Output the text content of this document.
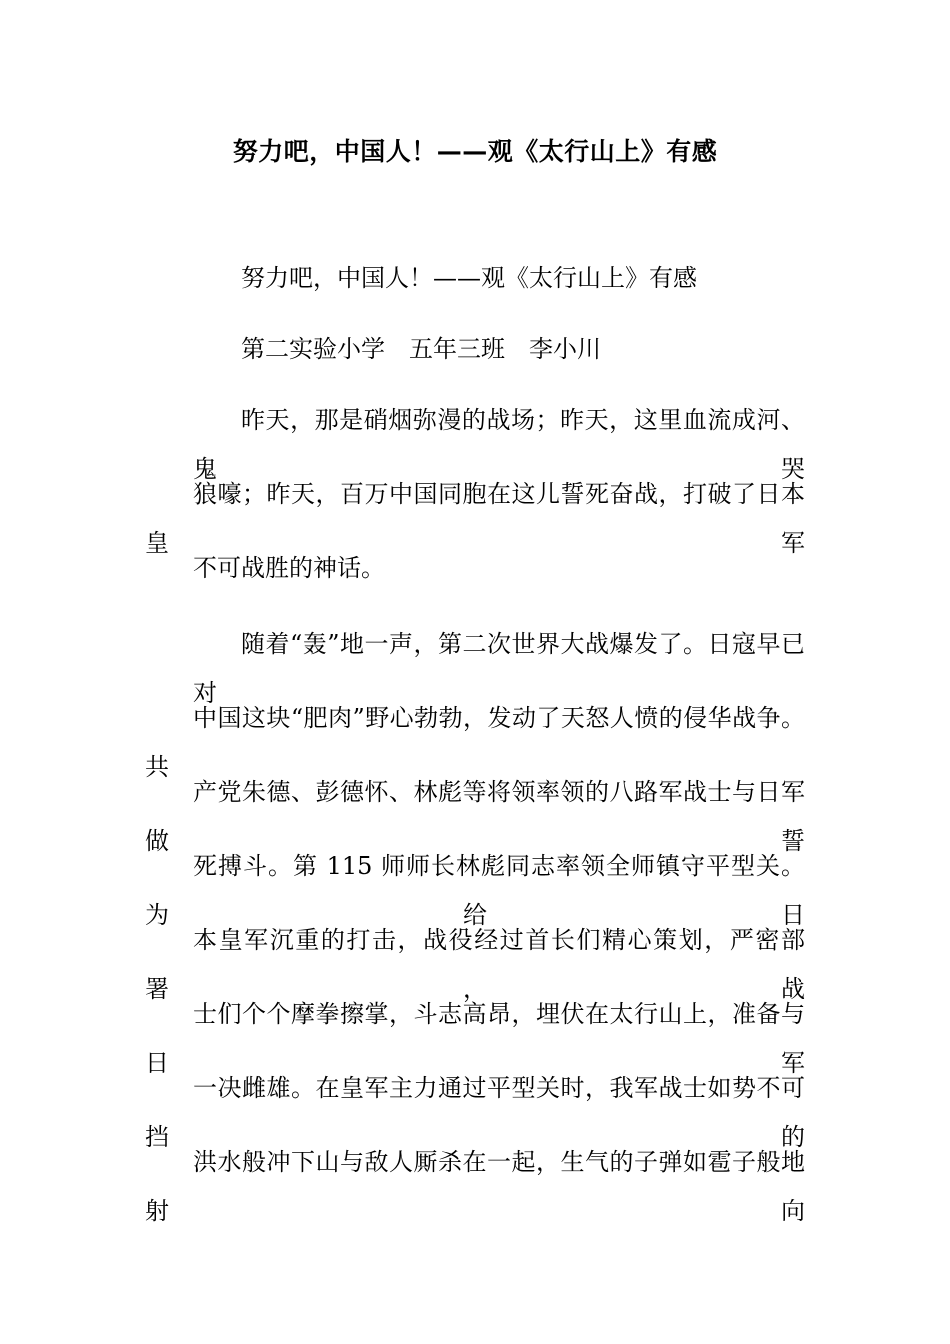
努力吧，中国人！——观《太行山上》有感
努力吧，中国人！——观《太行山上》有感
第二实验小学　五年三班　李小川
昨天，那是硝烟弥漫的战场；昨天，这里血流成河、鬼哭
狼嚎；昨天，百万中国同胞在这儿誓死奋战，打破了日本皇军
不可战胜的神话。
随着“轰”地一声，第二次世界大战爆发了。日寇早已对
中国这块“肥肉”野心勃勃，发动了天怒人愤的侵华战争。共
产党朱德、彭德怀、林彪等将领率领的八路军战士与日军做誓
死搏斗。第 115 师师长林彪同志率领全师镇守平型关。为给日
本皇军沉重的打击，战役经过首长们精心策划，严密部署，战
士们个个摩拳擦掌，斗志高昂，埋伏在太行山上，准备与日军
一决雌雄。在皇军主力通过平型关时，我军战士如势不可挡的
洪水般冲下山与敌人厮杀在一起，生气的子弹如雹子般地射向
